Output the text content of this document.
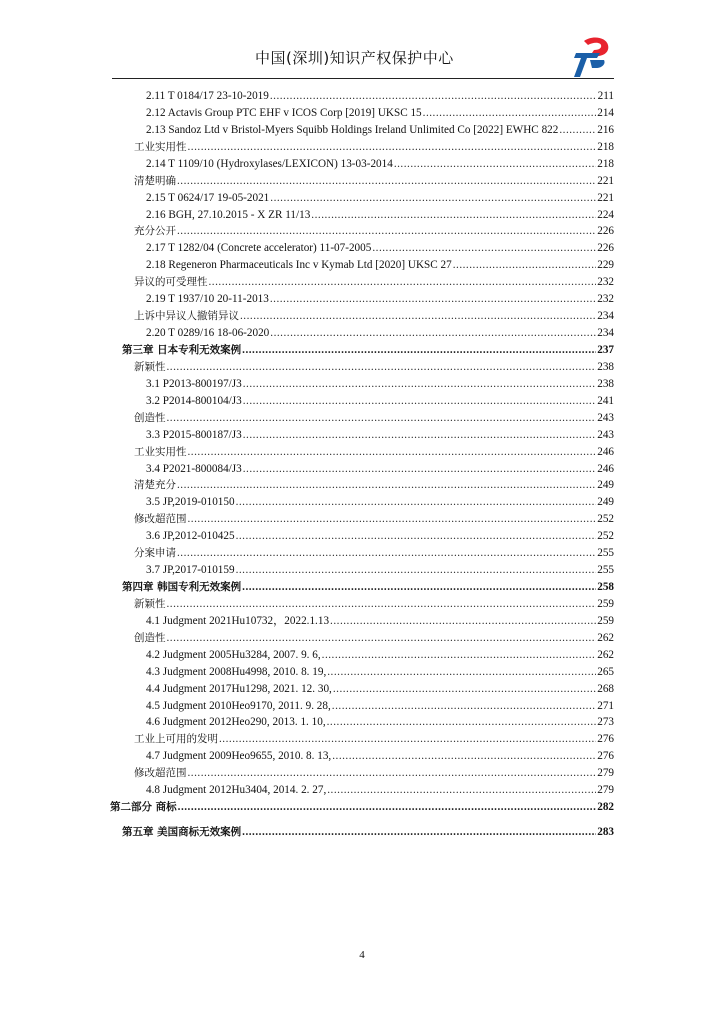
中国(深圳)知识产权保护中心
2.11 T 0184/17 23-10-2019 .....	211
2.12 Actavis Group PTC EHF v ICOS Corp [2019] UKSC 15 .....	214
2.13 Sandoz Ltd v Bristol-Myers Squibb Holdings Ireland Unlimited Co [2022] EWHC 822 .....	216
工业实用性 .....	218
2.14 T 1109/10 (Hydroxylases/LEXICON) 13-03-2014 .....	218
清楚明确 .....	221
2.15 T 0624/17 19-05-2021 .....	221
2.16 BGH, 27.10.2015 - X ZR 11/13 .....	224
充分公开 .....	226
2.17 T 1282/04 (Concrete accelerator) 11-07-2005 .....	226
2.18 Regeneron Pharmaceuticals Inc v Kymab Ltd [2020] UKSC 27 .....	229
异议的可受理性 .....	232
2.19 T 1937/10 20-11-2013 .....	232
上诉中异议人撤销异议 .....	234
2.20 T 0289/16 18-06-2020 .....	234
第三章 日本专利无效案例 .....	237
新颖性 .....	238
3.1 P2013-800197/J3 .....	238
3.2 P2014-800104/J3 .....	241
创造性 .....	243
3.3 P2015-800187/J3 .....	243
工业实用性 .....	246
3.4 P2021-800084/J3 .....	246
清楚充分 .....	249
3.5 JP,2019-010150 .....	249
修改超范围 .....	252
3.6 JP,2012-010425 .....	252
分案申请 .....	255
3.7 JP,2017-010159 .....	255
第四章 韩国专利无效案例 .....	258
新颖性 .....	259
4.1 Judgment 2021Hu10732，2022.1.13 .....	259
创造性 .....	262
4.2 Judgment 2005Hu3284, 2007. 9. 6, .....	262
4.3 Judgment 2008Hu4998, 2010. 8. 19, .....	265
4.4 Judgment 2017Hu1298, 2021. 12. 30, .....	268
4.5 Judgment 2010Heo9170, 2011. 9. 28, .....	271
4.6 Judgment 2012Heo290, 2013. 1. 10, .....	273
工业上可用的发明 .....	276
4.7 Judgment 2009Heo9655, 2010. 8. 13, .....	276
修改超范围 .....	279
4.8 Judgment 2012Hu3404, 2014. 2. 27, .....	279
第二部分 商标 .....	282
第五章 美国商标无效案例 .....	283
4
